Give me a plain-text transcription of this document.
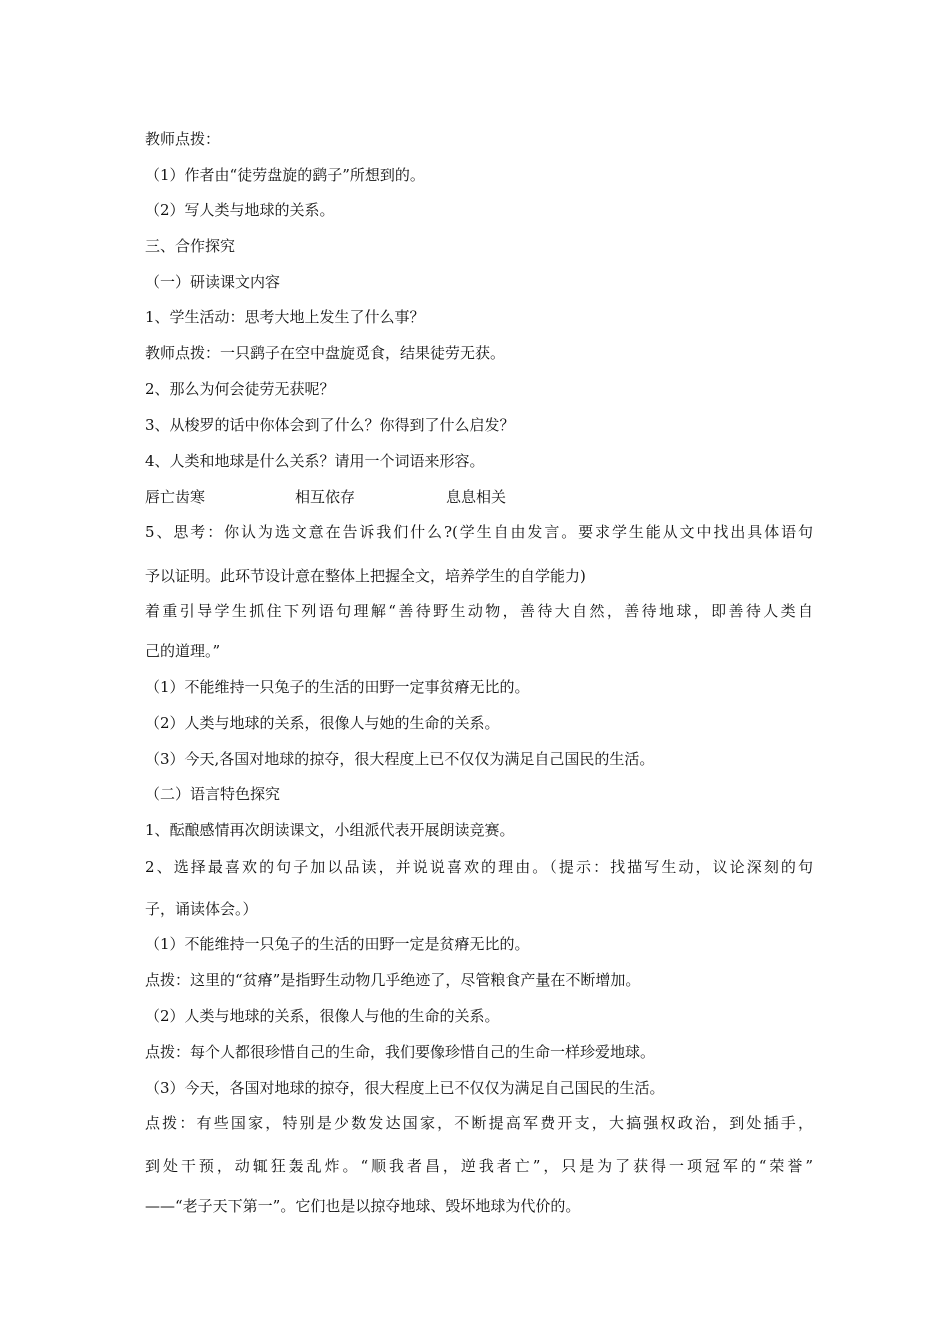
教师点拨：
（1）作者由“徒劳盘旋的鹞子”所想到的。
（2）写人类与地球的关系。
三、合作探究
（一）研读课文内容
1、学生活动：思考大地上发生了什么事？
教师点拨：一只鹞子在空中盘旋觅食，结果徒劳无获。
2、那么为何会徒劳无获呢？
3、从梭罗的话中你体会到了什么？你得到了什么启发？
4、人类和地球是什么关系？请用一个词语来形容。
唇亡齿寒	相互依存	息息相关
5、思考：你认为选文意在告诉我们什么?(学生自由发言。要求学生能从文中找出具体语句
予以证明。此环节设计意在整体上把握全文，培养学生的自学能力)
着重引导学生抓住下列语句理解“善待野生动物，善待大自然，善待地球，即善待人类自
己的道理。”
（1）不能维持一只兔子的生活的田野一定事贫瘠无比的。
（2）人类与地球的关系，很像人与她的生命的关系。
（3）今天,各国对地球的掠夺，很大程度上已不仅仅为满足自己国民的生活。
（二）语言特色探究
1、酝酿感情再次朗读课文，小组派代表开展朗读竞赛。
2、选择最喜欢的句子加以品读，并说说喜欢的理由。（提示：找描写生动，议论深刻的句
子，诵读体会。）
（1）不能维持一只兔子的生活的田野一定是贫瘠无比的。
点拨：这里的“贫瘠”是指野生动物几乎绝迹了，尽管粮食产量在不断增加。
（2）人类与地球的关系，很像人与他的生命的关系。
点拨：每个人都很珍惜自己的生命，我们要像珍惜自己的生命一样珍爱地球。
（3）今天，各国对地球的掠夺，很大程度上已不仅仅为满足自己国民的生活。
点拨：有些国家，特别是少数发达国家，不断提高军费开支，大搞强权政治，到处插手，
到处干预，动辄狂轰乱炸。“顺我者昌，逆我者亡”，只是为了获得一项冠军的“荣誉”
——“老子天下第一”。它们也是以掠夺地球、毁坏地球为代价的。
